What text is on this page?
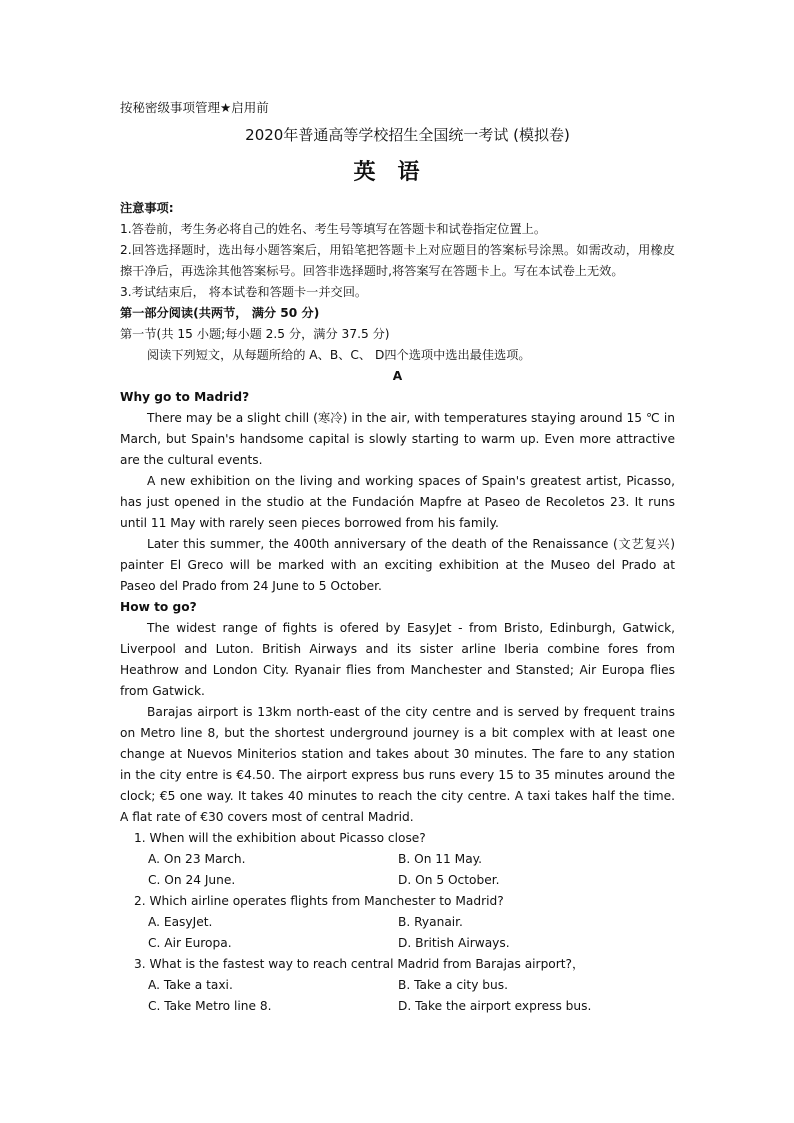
按秘密级事项管理★启用前
2020年普通高等学校招生全国统一考试 (模拟卷)
英语
注意事项:
1.答卷前，考生务必将自己的姓名、考生号等填写在答题卡和试卷指定位置上。
2.回答选择题时，选出每小题答案后，用铅笔把答题卡上对应题目的答案标号涂黑。如需改动，用橡皮擦干净后，再选涂其他答案标号。回答非选择题时,将答案写在答题卡上。写在本试卷上无效。
3.考试结束后， 将本试卷和答题卡一并交回。
第一部分阅读(共两节， 满分 50 分)
第一节(共 15 小题;每小题 2.5 分，满分 37.5 分)
阅读下列短文，从每题所给的 A、B、C、 D四个选项中选出最佳选项。
A
Why go to Madrid?
There may be a slight chill (寒冷) in the air, with temperatures staying around 15 ℃ in March, but Spain's handsome capital is slowly starting to warm up. Even more attractive are the cultural events.
A new exhibition on the living and working spaces of Spain's greatest artist, Picasso, has just opened in the studio at the Fundación Mapfre at Paseo de Recoletos 23. It runs until 11 May with rarely seen pieces borrowed from his family.
Later this summer, the 400th anniversary of the death of the Renaissance (文艺复兴) painter El Greco will be marked with an exciting exhibition at the Museo del Prado at Paseo del Prado from 24 June to 5 October.
How to go?
The widest range of fights is ofered by EasyJet - from Bristo, Edinburgh, Gatwick, Liverpool and Luton. British Airways and its sister arline Iberia combine fores from Heathrow and London City. Ryanair flies from Manchester and Stansted; Air Europa flies from Gatwick.
Barajas airport is 13km north-east of the city centre and is served by frequent trains on Metro line 8, but the shortest underground journey is a bit complex with at least one change at Nuevos Miniterios station and takes about 30 minutes. The fare to any station in the city entre is €4.50. The airport express bus runs every 15 to 35 minutes around the clock; €5 one way. It takes 40 minutes to reach the city centre. A taxi takes half the time. A flat rate of €30 covers most of central Madrid.
1. When will the exhibition about Picasso close?
A. On 23 March.	B. On 11 May.
C. On 24 June.	D. On 5 October.
2. Which airline operates flights from Manchester to Madrid?
A. EasyJet.	B. Ryanair.
C. Air Europa.	D. British Airways.
3. What is the fastest way to reach central Madrid from Barajas airport?，
A. Take a taxi.	B. Take a city bus.
C. Take Metro line 8.	D. Take the airport express bus.
